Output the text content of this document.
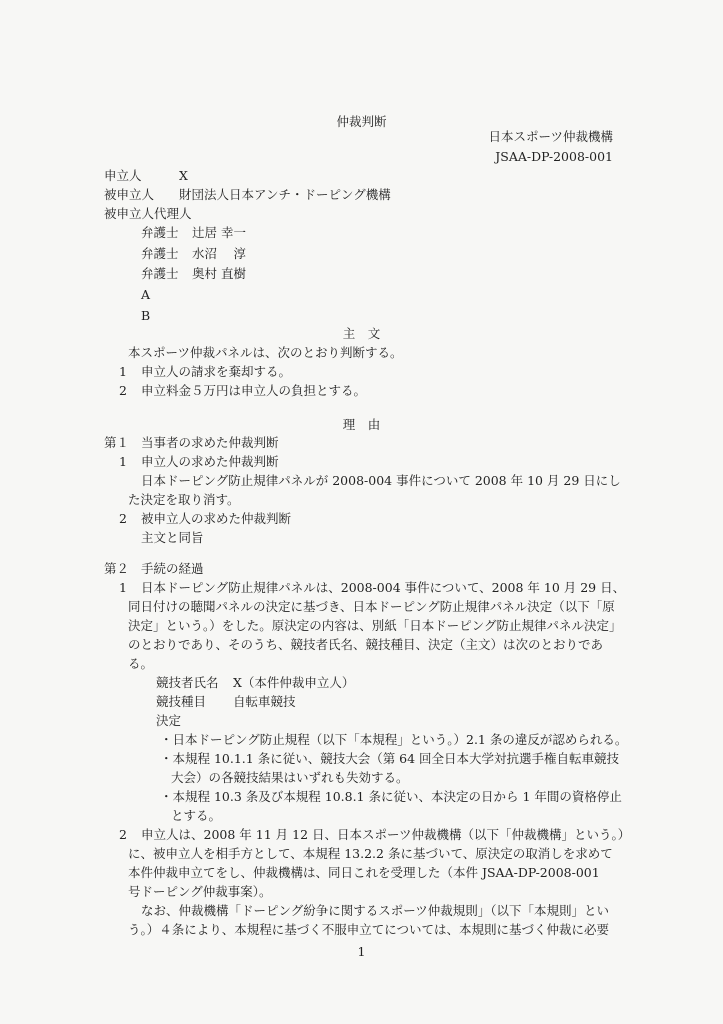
仲裁判断
日本スポーツ仲裁機構
JSAA-DP-2008-001
申立人	X
被申立人 財団法人日本アンチ・ドーピング機構
被申立人代理人
弁護士 辻居 幸一
弁護士 水沼　 淳
弁護士 奥村 直樹
A
B
主　文
本スポーツ仲裁パネルは、次のとおり判断する。
1 申立人の請求を棄却する。
2 申立料金５万円は申立人の負担とする。
理　由
第１ 当事者の求めた仲裁判断
1 申立人の求めた仲裁判断
日本ドーピング防止規律パネルが 2008-004 事件について 2008 年 10 月 29 日にし
た決定を取り消す。
2 被申立人の求めた仲裁判断
主文と同旨
第２ 手続の経過
1 日本ドーピング防止規律パネルは、2008-004 事件について、2008 年 10 月 29 日、
同日付けの聴聞パネルの決定に基づき、日本ドーピング防止規律パネル決定（以下「原
決定」という。）をした。原決定の内容は、別紙「日本ドーピング防止規律パネル決定」
のとおりであり、そのうち、競技者氏名、競技種目、決定（主文）は次のとおりであ
る。
競技者氏名 X（本件仲裁申立人）
競技種目 自転車競技
決定
・日本ドーピング防止規程（以下「本規程」という。）2.1 条の違反が認められる。
・本規程 10.1.1 条に従い、競技大会（第 64 回全日本大学対抗選手権自転車競技
大会）の各競技結果はいずれも失効する。
・本規程 10.3 条及び本規程 10.8.1 条に従い、本決定の日から 1 年間の資格停止
とする。
2 申立人は、2008 年 11 月 12 日、日本スポーツ仲裁機構（以下「仲裁機構」という。）
に、被申立人を相手方として、本規程 13.2.2 条に基づいて、原決定の取消しを求めて
本件仲裁申立てをし、仲裁機構は、同日これを受理した（本件 JSAA-DP-2008-001
号ドーピング仲裁事案）。
なお、仲裁機構「ドーピング紛争に関するスポーツ仲裁規則」（以下「本規則」とい
う。）４条により、本規程に基づく不服申立てについては、本規則に基づく仲裁に必要
1
